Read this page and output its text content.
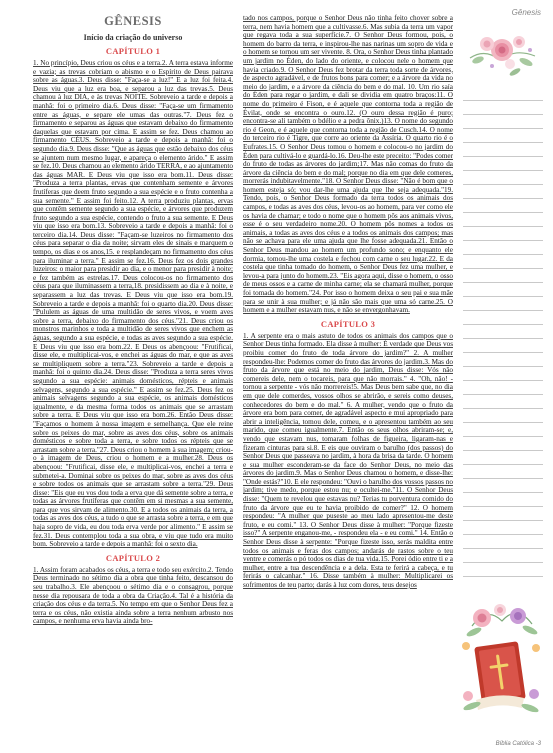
Gênesis
GÊNESIS
Início da criação do universo
CAPÍTULO 1

1. No princípio, Deus criou os céus e a terra.2. A terra estava informe e vazia; as trevas cobriam o abismo e o Espírito de Deus pairava sobre as águas.3. Deus disse: "Faça-se a luz!" E a luz foi feita.4. Deus viu que a luz era boa, e separou a luz das trevas.5. Deus chamou à luz DIA, e às trevas NOITE. Sobreveio a tarde e depois a manhã: foi o primeiro dia.6. Deus disse: "Faça-se um firmamento entre as águas, e separe ele umas das outras."7. Deus fez o firmamento e separou as águas que estavam debaixo do firmamento daquelas que estavam por cima. E assim se fez. Deus chamou ao firmamento CÉUS. Sobreveio a tarde e depois a manhã: foi o segundo dia.9. Deus disse: "Que as águas que estão debaixo dos céus se ajuntem num mesmo lugar, e apareça o elemento árido." E assim se fez.10. Deus chamou ao elemento árido TERRA, e ao ajuntamento das águas MAR. E Deus viu que isso era bom.11. Deus disse: "Produza a terra plantas, ervas que contenham semente e árvores frutíferas que deem fruto segundo a sua espécie e o fruto contenha a sua semente." E assim foi feito.12. A terra produziu plantas, ervas que contêm semente segundo a sua espécie, e árvores que produzem fruto segundo a sua espécie, contendo o fruto a sua semente. E Deus viu que isso era bom.13. Sobreveio a tarde e depois a manhã: foi o terceiro dia.14. Deus disse: "Façam-se luzeiros no firmamento dos céus para separar o dia da noite; sirvam eles de sinais e marquem o tempo, os dias e os anos,15. e resplandeçam no firmamento dos céus para iluminar a terra." E assim se fez.16. Deus fez os dois grandes luzeiros: o maior para presidir ao dia, e o menor para presidir à noite; e fez também as estrelas.17. Deus colocou-os no firmamento dos céus para que iluminassem a terra,18. presidissem ao dia e à noite, e separassem a luz das trevas. E Deus viu que isso era bom.19. Sobreveio a tarde e depois a manhã: foi o quarto dia.20. Deus disse: "Pululem as águas de uma multidão de seres vivos, e voem aves sobre a terra, debaixo do firmamento dos céus."21. Deus criou os monstros marinhos e toda a multidão de seres vivos que enchem as águas, segundo a sua espécie, e todas as aves segundo a sua espécie. E Deus viu que isso era bom.22. E Deus os abençoou: "Frutificai, disse ele, e multiplicai-vos, e enchei as águas do mar, e que as aves se multipliquem sobre a terra."23. Sobreveio a tarde e depois a manhã: foi o quinto dia.24. Deus disse: "Produza a terra seres vivos segundo a sua espécie: animais domésticos, répteis e animais selvagens, segundo a sua espécie." E assim se fez.25. Deus fez os animais selvagens segundo a sua espécie, os animais domésticos igualmente, e da mesma forma todos os animais que se arrastam sobre a terra. E Deus viu que isso era bom.26. Então Deus disse: "Façamos o homem à nossa imagem e semelhança. Que ele reine sobre os peixes do mar, sobre as aves dos céus, sobre os animais domésticos e sobre toda a terra, e sobre todos os répteis que se arrastam sobre a terra."27. Deus criou o homem à sua imagem; criou-o à imagem de Deus, criou o homem e a mulher.28. Deus os abençoou: "Frutificai, disse ele, e multiplicai-vos, enchei a terra e submetei-a. Dominai sobre os peixes do mar, sobre as aves dos céus e sobre todos os animais que se arrastam sobre a terra."29. Deus disse: "Eis que eu vos dou toda a erva que dá semente sobre a terra, e todas as árvores frutíferas que contêm em si mesmas a sua semente, para que vos sirvam de alimento.30. E a todos os animais da terra, a todas as aves dos céus, a tudo o que se arrasta sobre a terra, e em que haja sopro de vida, eu dou toda erva verde por alimento." E assim se fez.31. Deus contemplou toda a sua obra, e viu que tudo era muito bom. Sobreveio a tarde e depois a manhã: foi o sexto dia.

CAPÍTULO 2

1. Assim foram acabados os céus, a terra e todo seu exército.2. Tendo Deus terminado no sétimo dia a obra que tinha feito, descansou do seu trabalho.3. Ele abençoou o sétimo dia e o consagrou, porque nesse dia repousara de toda a obra da Criação.4. Tal é a história da criação dos céus e da terra.5. No tempo em que o Senhor Deus fez a terra e os céus, não existia ainda sobre a terra nenhum arbusto nos campos, e nenhuma erva havia ainda bro-

tado nos campos, porque o Senhor Deus não tinha feito chover sobre a terra, nem havia homem que a cultivasse.6. Mas subia da terra um vapor que regava toda a sua superfície.7. O Senhor Deus formou, pois, o homem do barro da terra, e inspirou-lhe nas narinas um sopro de vida e o homem se tornou um ser vivente. 8. Ora, o Senhor Deus tinha plantado um jardim no Éden, do lado do oriente, e colocou nele o homem que havia criado.9. O Senhor Deus fez brotar da terra toda sorte de árvores, de aspecto agradável, e de frutos bons para comer; e a árvore da vida no meio do jardim, e a árvore da ciência do bem e do mal. 10. Um rio saía do Éden para regar o jardim, e dali se dividia em quatro braços:11. O nome do primeiro é Fison, e é aquele que contorna toda a região de Évilat, onde se encontra o ouro.12. (O ouro dessa região é puro; encontra-se ali também o bdélio e a pedra ônix.)13. O nome do segundo rio é Geon, e é aquele que contorna toda a região de Cusch.14. O nome do terceiro rio é Tigre, que corre ao oriente da Assíria. O quarto rio é o Eufrates.15. O Senhor Deus tomou o homem e colocou-o no jardim do Éden para cultivá-lo e guardá-lo.16. Deu-lhe este preceito: "Podes comer do fruto de todas as árvores do jardim;17. Mas não comas do fruto da árvore da ciência do bem e do mal; porque no dia em que dele comeres, morrerás indubitavelmente."18. O Senhor Deus disse: "Não é bom que o homem esteja só; vou dar-lhe uma ajuda que lhe seja adequada."19. Tendo, pois, o Senhor Deus formado da terra todos os animais dos campos, e todas as aves dos céus, levou-os ao homem, para ver como ele os havia de chamar; e todo o nome que o homem pôs aos animais vivos, esse é o seu verdadeiro nome.20. O homem pôs nomes a todos os animais, a todas as aves dos céus e a todos os animais dos campos; mas não se achava para ele uma ajuda que lhe fosse adequada.21. Então o Senhor Deus mandou ao homem um profundo sono; e enquanto ele dormia, tomou-lhe uma costela e fechou com carne o seu lugar.22. E da costela que tinha tomado do homem, o Senhor Deus fez uma mulher, e levou-a para junto do homem.23. "Eis agora aqui, disse o homem, o osso de meus ossos e a carne de minha carne; ela se chamará mulher, porque foi tomada do homem."24. Por isso o homem deixa o seu pai e sua mãe para se unir à sua mulher; e já não são mais que uma só carne.25. O homem e a mulher estavam nus, e não se envergonhavam.

CAPÍTULO 3

1. A serpente era o mais astuto de todos os animais dos campos que o Senhor Deus tinha formado. Ela disse à mulher: É verdade que Deus vos proibiu comer do fruto de toda árvore do jardim?" 2. A mulher respondeu-lhe: Podemos comer do fruto das árvores do jardim.3. Mas do fruto da árvore que está no meio do jardim, Deus disse: Vós não comereis dele, nem o tocareis, para que não morrais." 4. "Oh, não! - tornou a serpente - vós não morrereis!5. Mas Deus bem sabe que, no dia em que dele comerdes, vossos olhos se abrirão, e sereis como deuses, conhecedores do bem e do mal." 6. A mulher, vendo que o fruto da árvore era bom para comer, de agradável aspecto e mui apropriado para abrir a inteligência, tomou dele, comeu, e o apresentou também ao seu marido, que comeu igualmente.7. Então os seus olhos abriram-se; e, vendo que estavam nus, tomaram folhas de figueira, ligaram-nas e fizeram cinturas para si.8. E eis que ouviram o barulho (dos passos) do Senhor Deus que passeava no jardim, à hora da brisa da tarde. O homem e sua mulher esconderam-se da face do Senhor Deus, no meio das árvores do jardim.9. Mas o Senhor Deus chamou o homem, e disse-lhe: "Onde estás?"10. E ele respondeu: "Ouvi o barulho dos vossos passos no jardim; tive medo, porque estou nu; e ocultei-me."11. O Senhor Deus disse: "Quem te revelou que estavas nu? Terias tu porventura comido do fruto da árvore que eu te havia proibido de comer?" 12. O homem respondeu: "A mulher que puseste ao meu lado apresentou-me deste fruto, e eu comi." 13. O Senhor Deus disse à mulher: "Porque fizeste isso?" A serpente enganou-me, - respondeu ela - e eu comi." 14. Então o Senhor Deus disse à serpente: "Porque fizeste isso, serás maldita entre todos os animais e feras dos campos; andarás de rastos sobre o teu ventre e comerás o pó todos os dias de tua vida.15. Porei ódio entre ti e a mulher, entre a tua descendência e a dela. Esta te ferirá a cabeça, e tu ferirás o calcanhar." 16. Disse também à mulher: Multiplicarei os sofrimentos de teu parto; darás à luz com dores, teus desejos

Bíblia Católica -3
